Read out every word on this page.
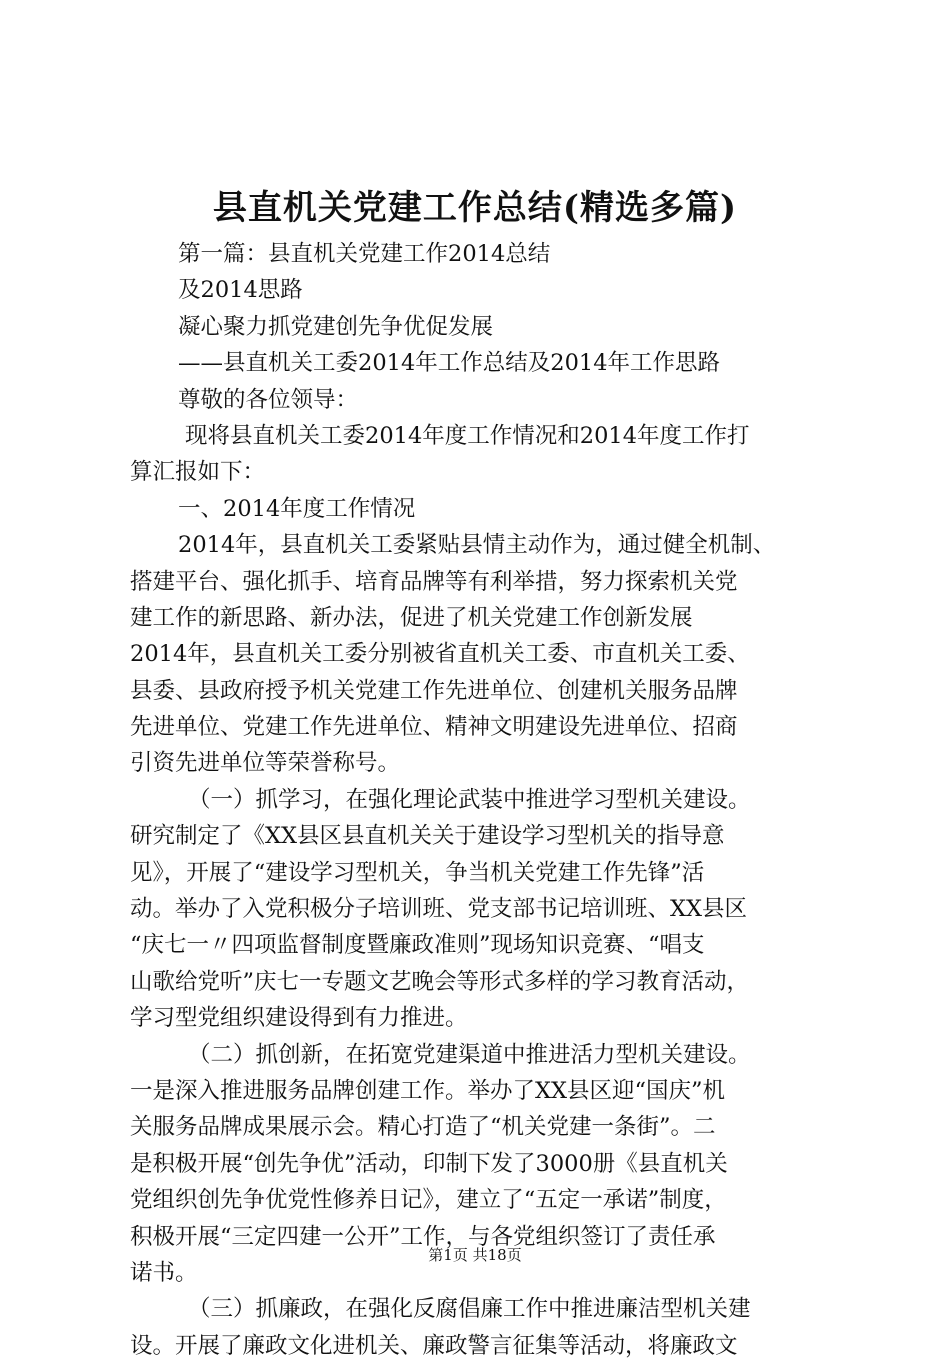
县直机关党建工作总结(精选多篇)
第一篇：县直机关党建工作2014总结
及2014思路
凝心聚力抓党建创先争优促发展
——县直机关工委2014年工作总结及2014年工作思路
尊敬的各位领导：
现将县直机关工委2014年度工作情况和2014年度工作打
算汇报如下：
一、2014年度工作情况
2014年，县直机关工委紧贴县情主动作为，通过健全机制、
搭建平台、强化抓手、培育品牌等有利举措，努力探索机关党
建工作的新思路、新办法，促进了机关党建工作创新发展
2014年，县直机关工委分别被省直机关工委、市直机关工委、
县委、县政府授予机关党建工作先进单位、创建机关服务品牌
先进单位、党建工作先进单位、精神文明建设先进单位、招商
引资先进单位等荣誉称号。
（一）抓学习，在强化理论武装中推进学习型机关建设。
研究制定了《XX县区县直机关关于建设学习型机关的指导意
见》，开展了“建设学习型机关，争当机关党建工作先锋”活
动。举办了入党积极分子培训班、党支部书记培训班、XX县区
“庆七一〃四项监督制度暨廉政准则”现场知识竞赛、“唱支
山歌给党听”庆七一专题文艺晚会等形式多样的学习教育活动，
学习型党组织建设得到有力推进。
（二）抓创新，在拓宽党建渠道中推进活力型机关建设。
一是深入推进服务品牌创建工作。举办了XX县区迎“国庆”机
关服务品牌成果展示会。精心打造了“机关党建一条街”。二
是积极开展“创先争优”活动，印制下发了3000册《县直机关
党组织创先争优党性修养日记》，建立了“五定一承诺”制度，
积极开展“三定四建一公开”工作，与各党组织签订了责任承
诺书。
（三）抓廉政，在强化反腐倡廉工作中推进廉洁型机关建
设。开展了廉政文化进机关、廉政警言征集等活动，将廉政文
第1页 共18页
